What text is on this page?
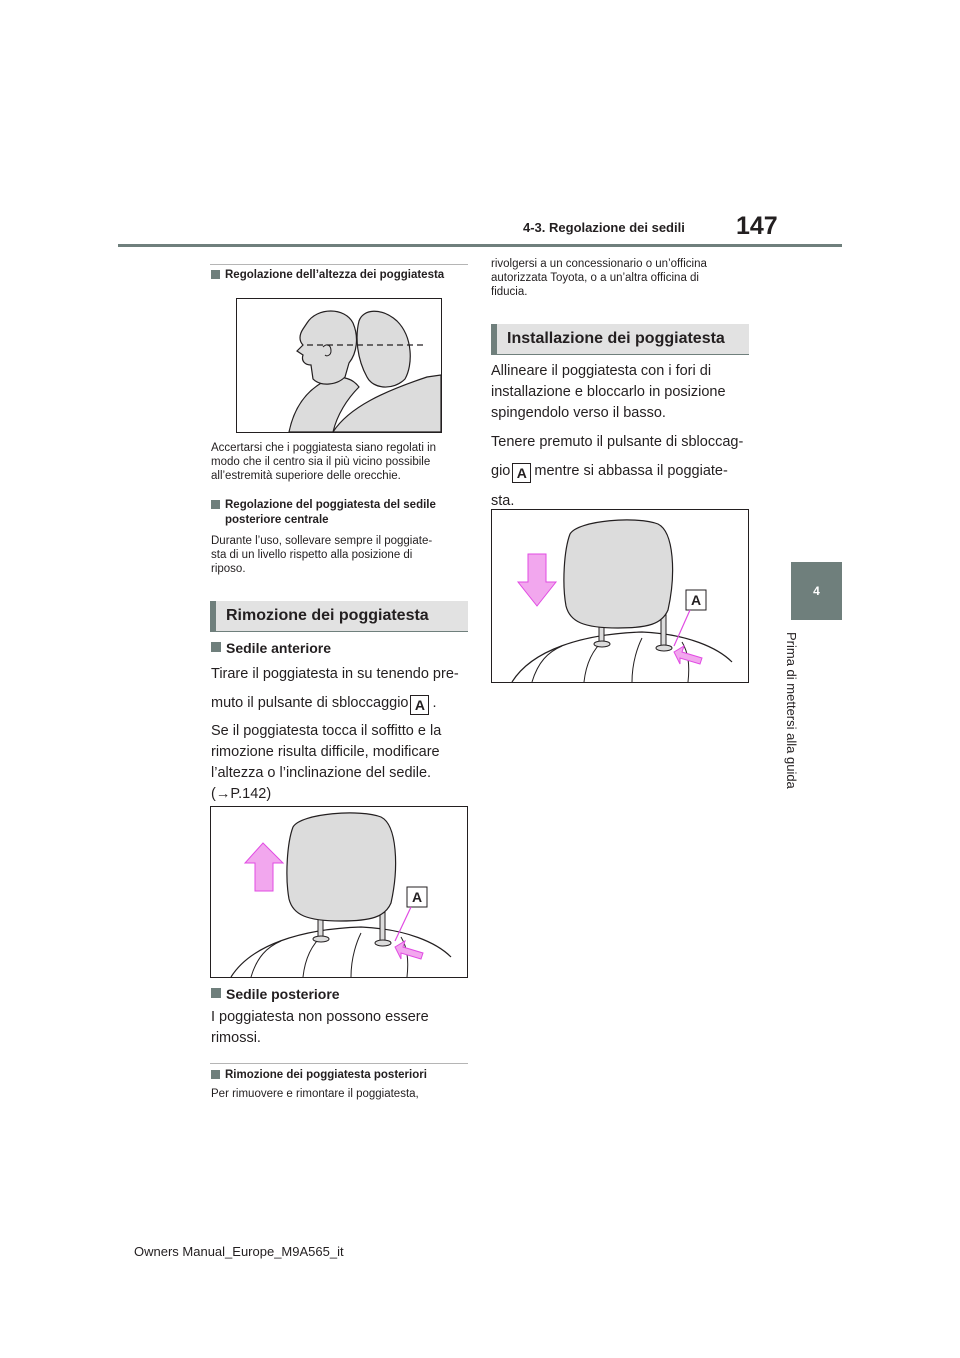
147
4-3. Regolazione dei sedili
4
Prima di mettersi alla guida
Regolazione dell’altezza dei poggiatesta
Accertarsi che i poggiatesta siano regolati in
modo che il centro sia il più vicino possibile
all’estremità superiore delle orecchie.
Regolazione del poggiatesta del sedile
posteriore centrale
Durante l’uso, sollevare sempre il poggiate-
sta di un livello rispetto alla posizione di
riposo.
Rimozione dei poggiatesta
Sedile anteriore
Tirare il poggiatesta in su tenendo pre-
muto il pulsante di sbloccaggio A .
Se il poggiatesta tocca il soffitto e la
rimozione risulta difficile, modificare
l’altezza o l’inclinazione del sedile.
(→P.142)
A
Sedile posteriore
I poggiatesta non possono essere
rimossi.
Rimozione dei poggiatesta posteriori
Per rimuovere e rimontare il poggiatesta,
rivolgersi a un concessionario o un’officina
autorizzata Toyota, o a un’altra officina di
fiducia.
Installazione dei poggiatesta
Allineare il poggiatesta con i fori di
installazione e bloccarlo in posizione
spingendolo verso il basso.
Tenere premuto il pulsante di sbloccag-
gio A mentre si abbassa il poggiate-
sta.
A
Owners Manual_Europe_M9A565_it
